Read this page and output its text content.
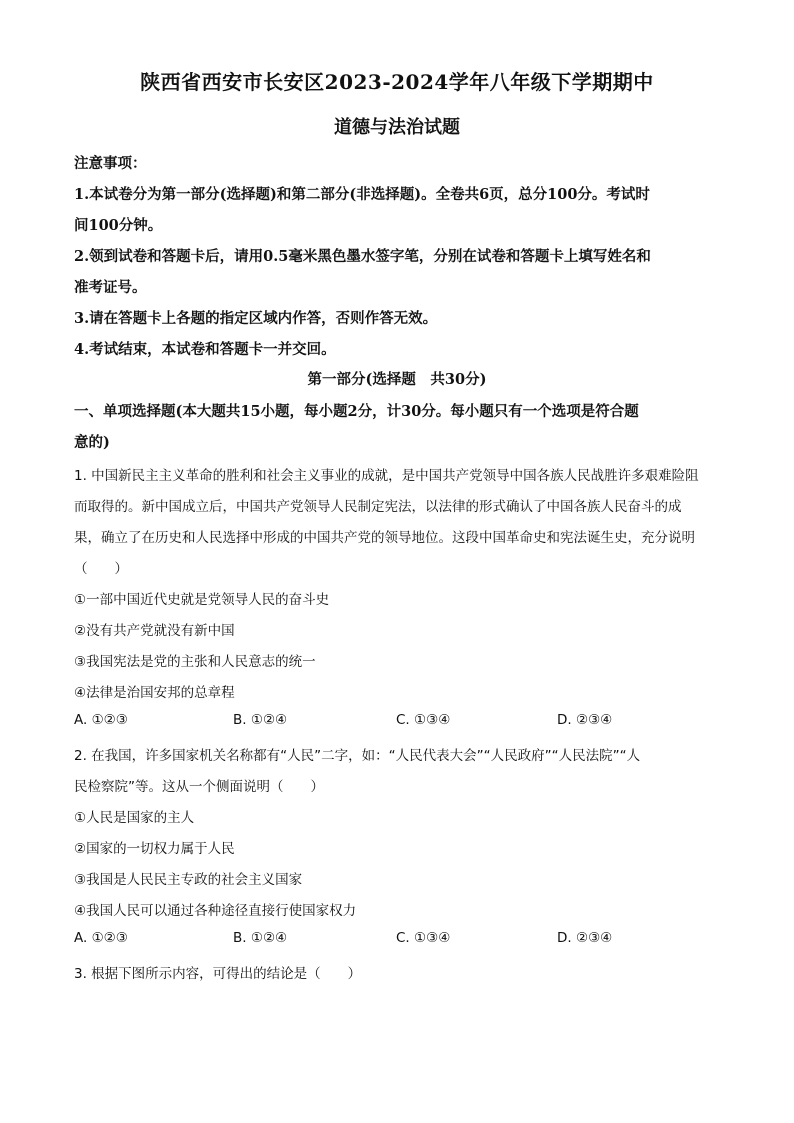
陕西省西安市长安区2023-2024学年八年级下学期期中
道德与法治试题
注意事项：
1.本试卷分为第一部分(选择题)和第二部分(非选择题)。全卷共6页，总分100分。考试时
间100分钟。
2.领到试卷和答题卡后，请用0.5毫米黑色墨水签字笔，分别在试卷和答题卡上填写姓名和
准考证号。
3.请在答题卡上各题的指定区域内作答，否则作答无效。
4.考试结束，本试卷和答题卡一并交回。
第一部分(选择题　共30分)
一、单项选择题(本大题共15小题，每小题2分，计30分。每小题只有一个选项是符合题
意的)
1. 中国新民主主义革命的胜利和社会主义事业的成就，是中国共产党领导中国各族人民战胜许多艰难险阻
而取得的。新中国成立后，中国共产党领导人民制定宪法，以法律的形式确认了中国各族人民奋斗的成
果，确立了在历史和人民选择中形成的中国共产党的领导地位。这段中国革命史和宪法诞生史，充分说明
（　　）
①一部中国近代史就是党领导人民的奋斗史
②没有共产党就没有新中国
③我国宪法是党的主张和人民意志的统一
④法律是治国安邦的总章程
A. ①②③	B. ①②④	C. ①③④	D. ②③④
2. 在我国，许多国家机关名称都有“人民”二字，如：“人民代表大会”“人民政府”“人民法院”“人
民检察院”等。这从一个侧面说明（　　）
①人民是国家的主人
②国家的一切权力属于人民
③我国是人民民主专政的社会主义国家
④我国人民可以通过各种途径直接行使国家权力
A. ①②③	B. ①②④	C. ①③④	D. ②③④
3. 根据下图所示内容，可得出的结论是（　　）
